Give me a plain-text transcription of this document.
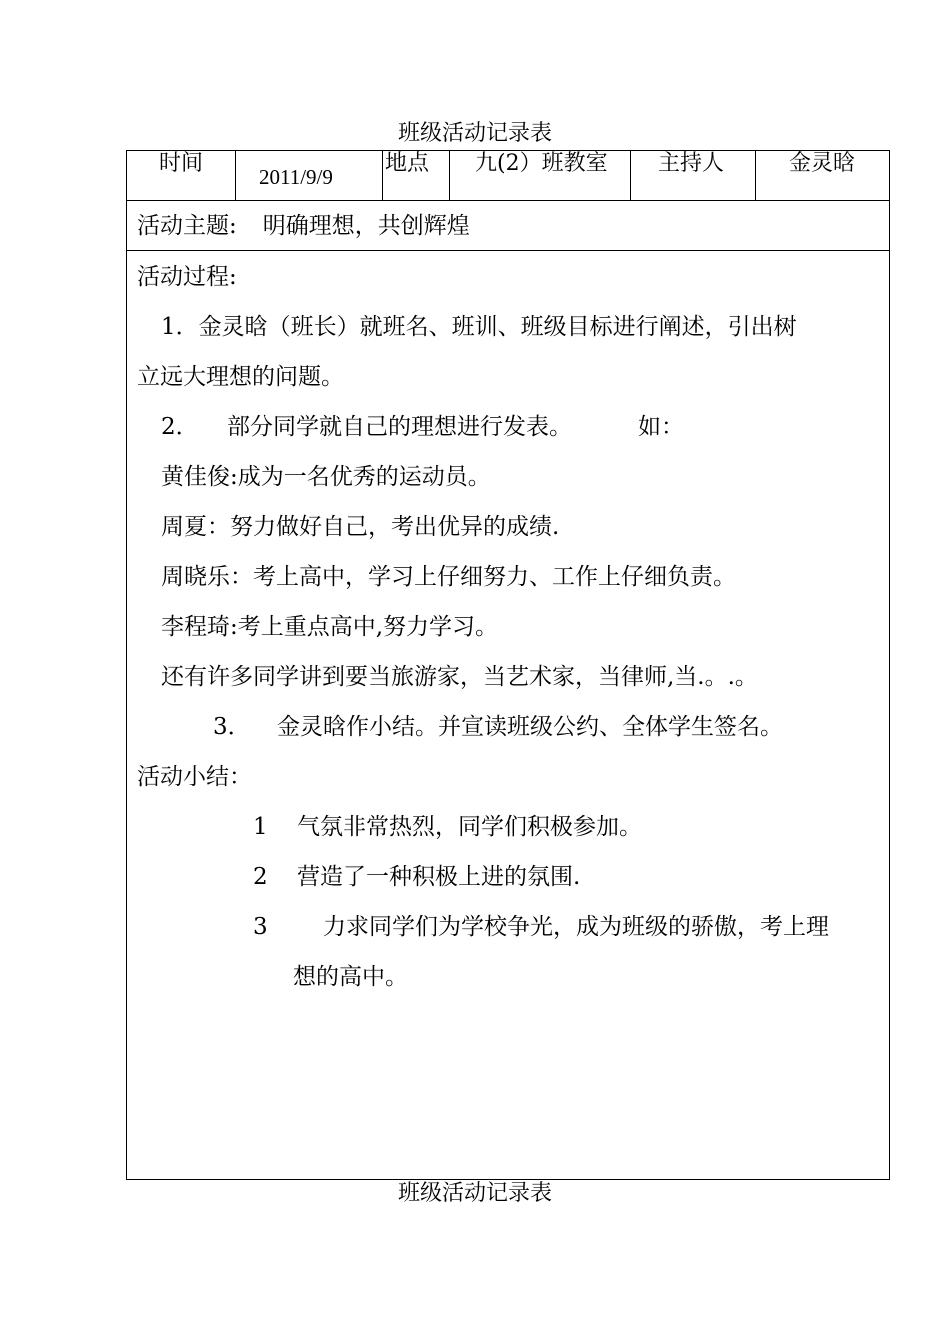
班级活动记录表
时间
2011/9/9
地点 九(2）班教室 主持人	金灵晗
活动主题: 明确理想，共创辉煌
活动过程:
1．金灵晗（班长）就班名、班训、班级目标进行阐述，引出树
立远大理想的问题。
2． 部分同学就自己的理想进行发表。	如：
黄佳俊:成为一名优秀的运动员。
周夏：努力做好自己，考出优异的成绩.
周晓乐：考上高中，学习上仔细努力、工作上仔细负责。
李程琦:考上重点高中,努力学习。
还有许多同学讲到要当旅游家，当艺术家，当律师,当.。.。
3． 金灵晗作小结。并宣读班级公约、全体学生签名。
活动小结：
1 气氛非常热烈，同学们积极参加。
2 营造了一种积极上进的氛围.
3 力求同学们为学校争光，成为班级的骄傲，考上理
想的高中。
班级活动记录表
